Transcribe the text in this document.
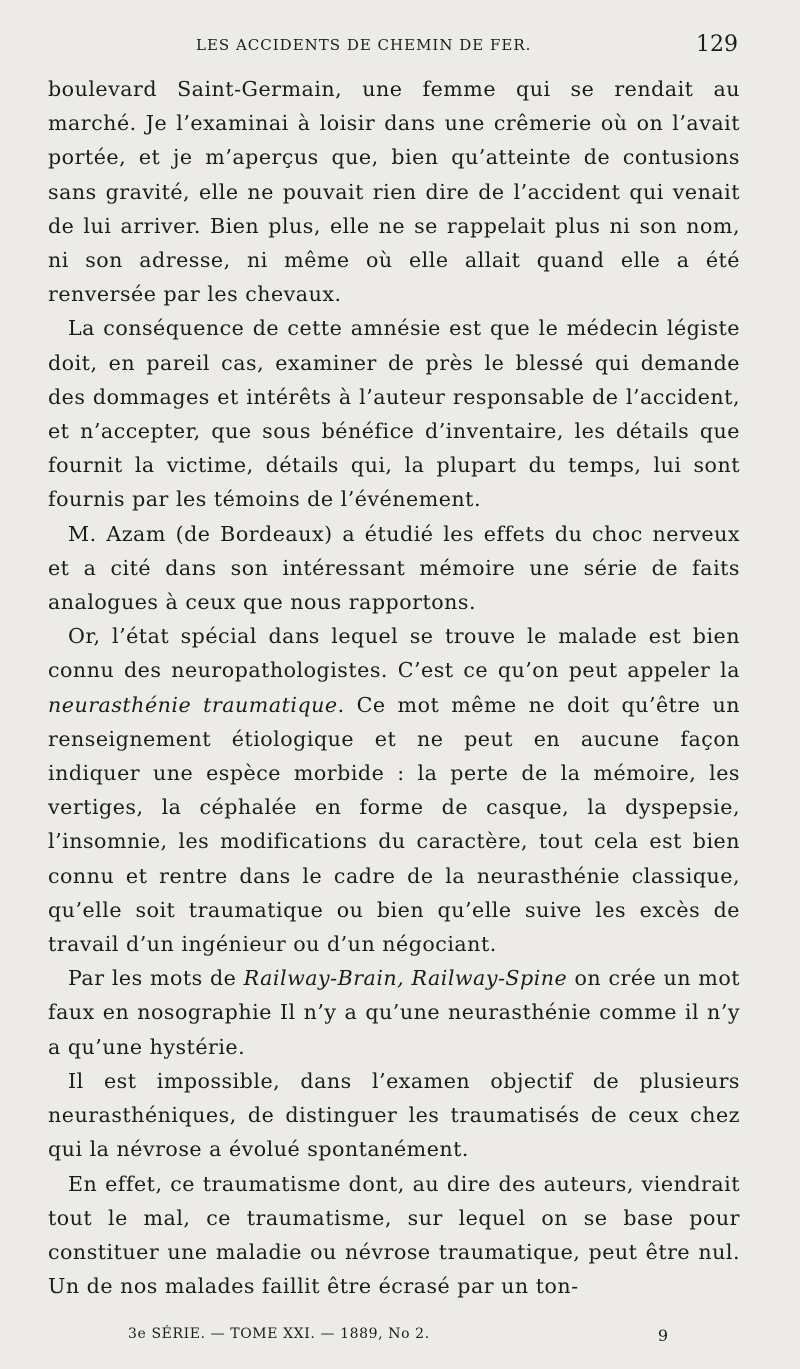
LES ACCIDENTS DE CHEMIN DE FER.	129

boulevard Saint-Germain, une femme qui se rendait au marché. Je l’examinai à loisir dans une crêmerie où on l’avait portée, et je m’aperçus que, bien qu’atteinte de contusions sans gravité, elle ne pouvait rien dire de l’accident qui venait de lui arriver. Bien plus, elle ne se rappelait plus ni son nom, ni son adresse, ni même où elle allait quand elle a été renversée par les chevaux.

La conséquence de cette amnésie est que le médecin légiste doit, en pareil cas, examiner de près le blessé qui demande des dommages et intérêts à l’auteur responsable de l’accident, et n’accepter, que sous bénéfice d’inventaire, les détails que fournit la victime, détails qui, la plupart du temps, lui sont fournis par les témoins de l’événement.

M. Azam (de Bordeaux) a étudié les effets du choc nerveux et a cité dans son intéressant mémoire une série de faits analogues à ceux que nous rapportons.

Or, l’état spécial dans lequel se trouve le malade est bien connu des neuropathologistes. C’est ce qu’on peut appeler la neurasthénie traumatique. Ce mot même ne doit qu’être un renseignement étiologique et ne peut en aucune façon indiquer une espèce morbide : la perte de la mémoire, les vertiges, la céphalée en forme de casque, la dyspepsie, l’insomnie, les modifications du caractère, tout cela est bien connu et rentre dans le cadre de la neurasthénie classique, qu’elle soit traumatique ou bien qu’elle suive les excès de travail d’un ingénieur ou d’un négociant.

Par les mots de Railway-Brain, Railway-Spine on crée un mot faux en nosographie Il n’y a qu’une neurasthénie comme il n’y a qu’une hystérie.

Il est impossible, dans l’examen objectif de plusieurs neurasthéniques, de distinguer les traumatisés de ceux chez qui la névrose a évolué spontanément.

En effet, ce traumatisme dont, au dire des auteurs, viendrait tout le mal, ce traumatisme, sur lequel on se base pour constituer une maladie ou névrose traumatique, peut être nul. Un de nos malades faillit être écrasé par un ton-

3e SÉRIE. — TOME XXI. — 1889, No 2.	9
